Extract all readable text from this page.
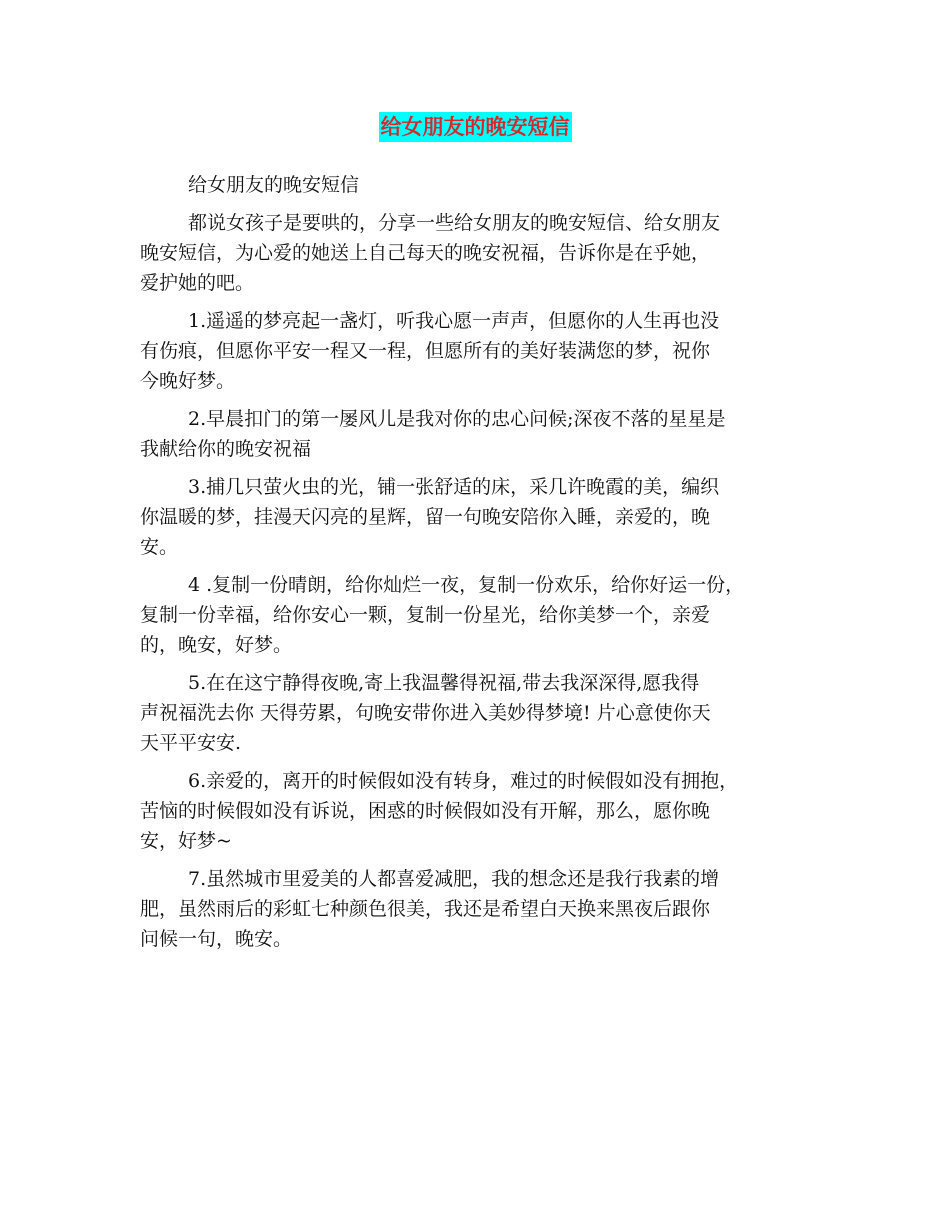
给女朋友的晚安短信
给女朋友的晚安短信
都说女孩子是要哄的，分享一些给女朋友的晚安短信、给女朋友
晚安短信，为心爱的她送上自己每天的晚安祝福，告诉你是在乎她，
爱护她的吧。
1.遥遥的梦亮起一盏灯，听我心愿一声声，但愿你的人生再也没
有伤痕，但愿你平安一程又一程，但愿所有的美好装满您的梦，祝你
今晚好梦。
2.早晨扣门的第一屡风儿是我对你的忠心问候;深夜不落的星星是
我献给你的晚安祝福
3.捕几只萤火虫的光，铺一张舒适的床，采几许晚霞的美，编织
你温暖的梦，挂漫天闪亮的星辉，留一句晚安陪你入睡，亲爱的，晚
安。
4 .复制一份晴朗，给你灿烂一夜，复制一份欢乐，给你好运一份，
复制一份幸福，给你安心一颗，复制一份星光，给你美梦一个，亲爱
的，晚安，好梦。
5.在在这宁静得夜晚,寄上我温馨得祝福,带去我深深得,愿我得
声祝福洗去你 天得劳累，句晚安带你进入美妙得梦境! 片心意使你天
天平平安安.
6.亲爱的，离开的时候假如没有转身，难过的时候假如没有拥抱，
苦恼的时候假如没有诉说，困惑的时候假如没有开解，那么，愿你晚
安，好梦~
7.虽然城市里爱美的人都喜爱减肥，我的想念还是我行我素的增
肥，虽然雨后的彩虹七种颜色很美，我还是希望白天换来黑夜后跟你
问候一句，晚安。
